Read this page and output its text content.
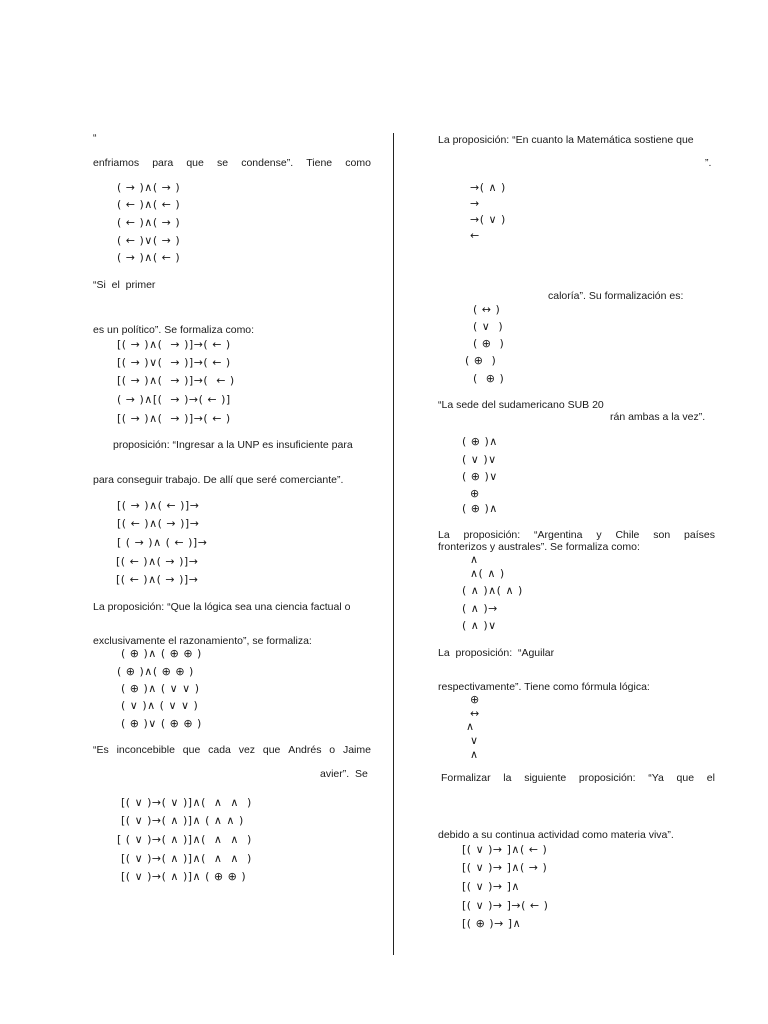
“
enfriamos para que se condense”. Tiene como
( → )∧( → )
( ← )∧( ← )
( ← )∧( → )
( ← )∨( → )
( → )∧( ← )
“Si  el  primer
es un político”. Se formaliza como:
[( → )∧(  → )]→( ← )
[( → )∨(  → )]→( ← )
[( → )∧(  → )]→(  ← )
( → )∧[(  → )→( ← )]
[( → )∧(  → )]→( ← )
proposición: “Ingresar a la UNP es insuficiente para
para conseguir trabajo. De allí que seré comerciante”.
[( → )∧( ← )]→
[( ← )∧( → )]→
[ ( → )∧ ( ← )]→
[( ← )∧( → )]→
[( ← )∧( → )]→
La proposición: “Que la lógica sea una ciencia factual o
exclusivamente el razonamiento”, se formaliza:
( ⊕ )∧ ( ⊕ ⊕ )
( ⊕ )∧( ⊕ ⊕ )
( ⊕ )∧ ( ∨ ∨ )
( ∨ )∧ ( ∨ ∨ )
( ⊕ )∨ ( ⊕ ⊕ )
“Es inconcebible que cada vez que Andrés o Jaime
avier”.  Se
[( ∨ )→( ∨ )]∧(  ∧  ∧  )
[( ∨ )→( ∧ )]∧ ( ∧ ∧ )
[ ( ∨ )→( ∧ )]∧(  ∧  ∧  )
[( ∨ )→( ∧ )]∧(  ∧  ∧  )
[( ∨ )→( ∧ )]∧ ( ⊕ ⊕ )
La proposición: “En cuanto la Matemática sostiene que
”.
→( ∧ )
→
→( ∨ )
←
caloría”. Su formalización es:
( ↔ )
( ∨  )
( ⊕  )
( ⊕  )
(  ⊕ )
“La sede del sudamericano SUB 20
rán ambas a la vez”.
( ⊕ )∧
( ∨ )∨
( ⊕ )∨
⊕
( ⊕ )∧
La proposición: “Argentina y Chile son países
fronterizos y australes”. Se formaliza como:
∧
∧( ∧ )
( ∧ )∧( ∧ )
( ∧ )→
( ∧ )∨
La  proposición:  “Aguilar
respectivamente”. Tiene como fórmula lógica:
⊕
↔
∧
∨
∧
Formalizar la siguiente proposición: “Ya que el
debido a su continua actividad como materia viva”.
[( ∨ )→ ]∧( ← )
[( ∨ )→ ]∧( → )
[( ∨ )→ ]∧
[( ∨ )→ ]→( ← )
[( ⊕ )→ ]∧
